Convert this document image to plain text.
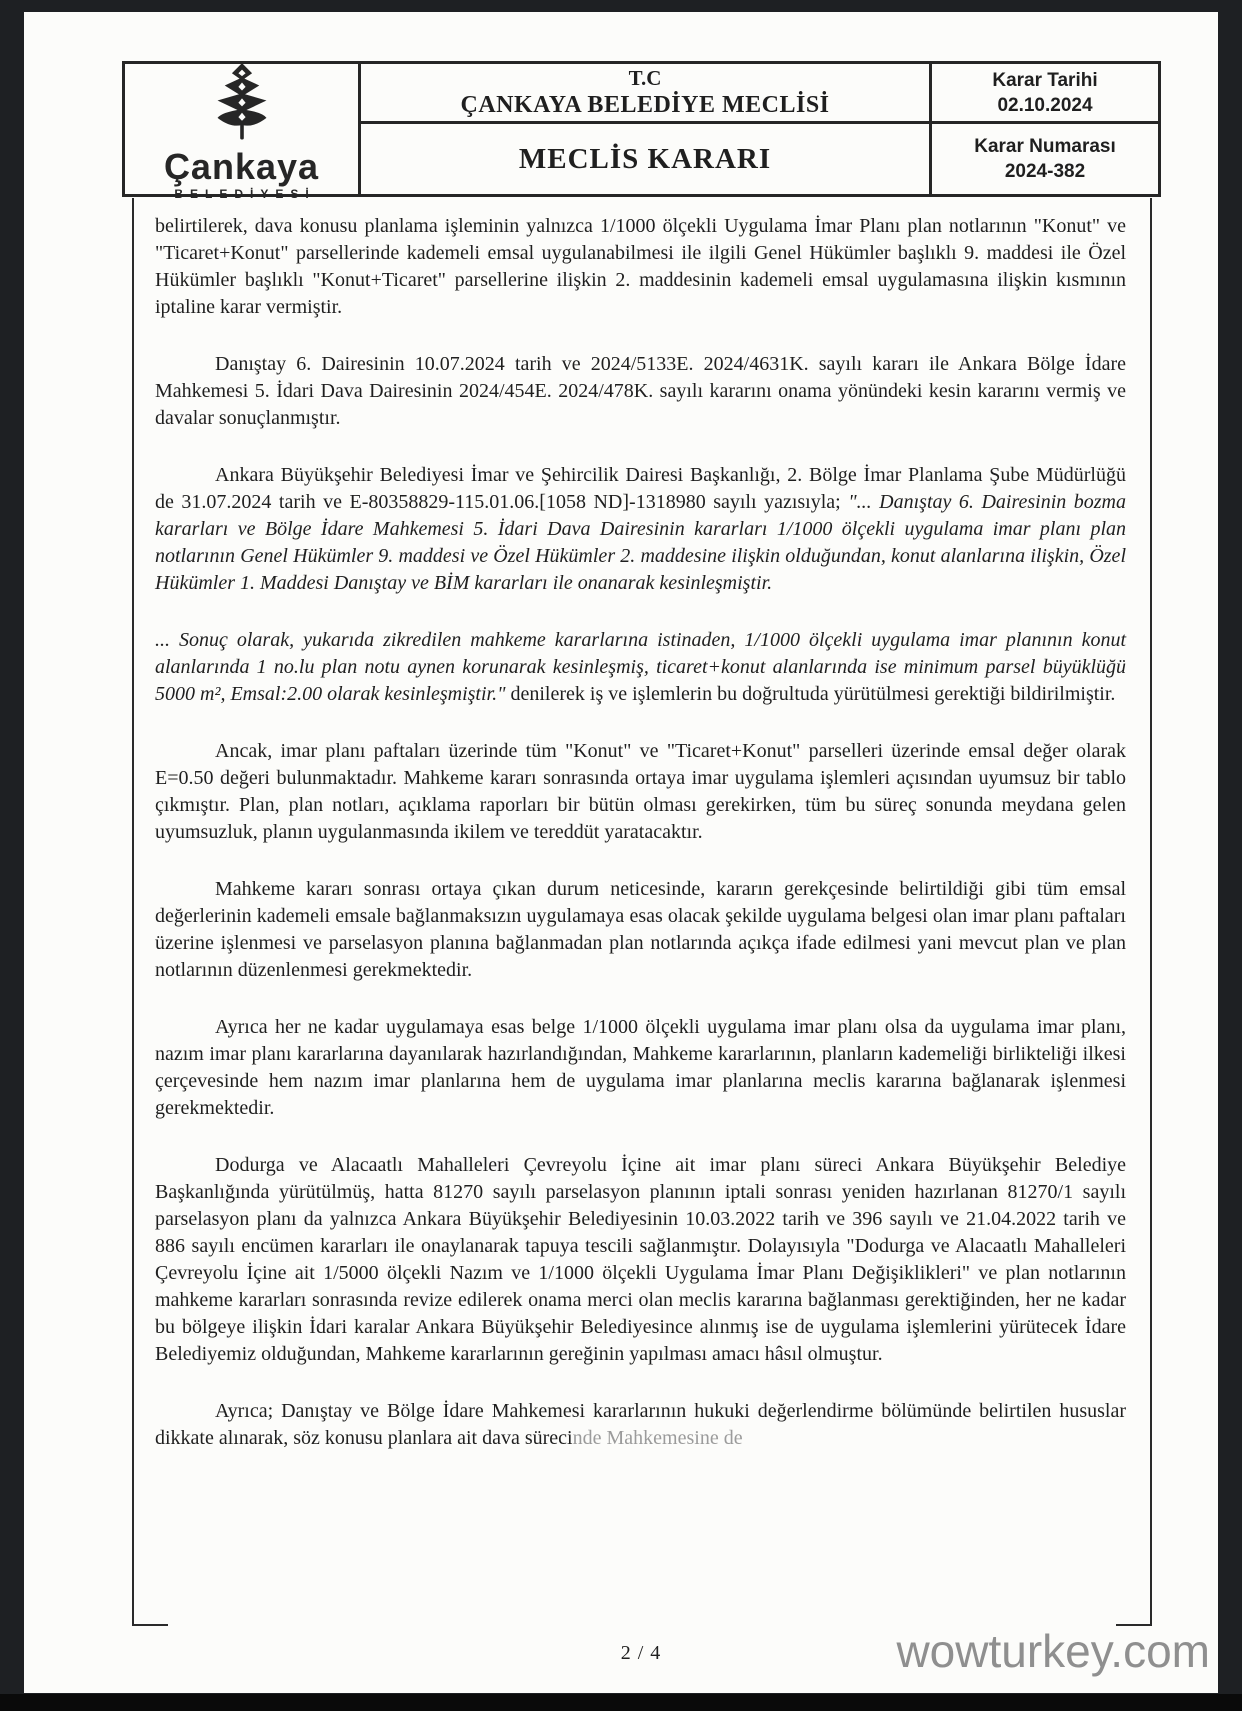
Çankaya
BELEDİYESİ
T.C
ÇANKAYA BELEDİYE MECLİSİ
Karar Tarihi
02.10.2024
MECLİS KARARI	Karar Numarası
2024-382

belirtilerek, dava konusu planlama işleminin yalnızca 1/1000 ölçekli Uygulama İmar Planı plan notlarının "Konut" ve "Ticaret+Konut" parsellerinde kademeli emsal uygulanabilmesi ile ilgili Genel Hükümler başlıklı 9. maddesi ile Özel Hükümler başlıklı "Konut+Ticaret" parsellerine ilişkin 2. maddesinin kademeli emsal uygulamasına ilişkin kısmının iptaline karar vermiştir.

Danıştay 6. Dairesinin 10.07.2024 tarih ve 2024/5133E. 2024/4631K. sayılı kararı ile Ankara Bölge İdare Mahkemesi 5. İdari Dava Dairesinin 2024/454E. 2024/478K. sayılı kararını onama yönündeki kesin kararını vermiş ve davalar sonuçlanmıştır.

Ankara Büyükşehir Belediyesi İmar ve Şehircilik Dairesi Başkanlığı, 2. Bölge İmar Planlama Şube Müdürlüğü de 31.07.2024 tarih ve E-80358829-115.01.06.[1058 ND]-1318980 sayılı yazısıyla; "... Danıştay 6. Dairesinin bozma kararları ve Bölge İdare Mahkemesi 5. İdari Dava Dairesinin kararları 1/1000 ölçekli uygulama imar planı plan notlarının Genel Hükümler 9. maddesi ve Özel Hükümler 2. maddesine ilişkin olduğundan, konut alanlarına ilişkin, Özel Hükümler 1. Maddesi Danıştay ve BİM kararları ile onanarak kesinleşmiştir.

... Sonuç olarak, yukarıda zikredilen mahkeme kararlarına istinaden, 1/1000 ölçekli uygulama imar planının konut alanlarında 1 no.lu plan notu aynen korunarak kesinleşmiş, ticaret+konut alanlarında ise minimum parsel büyüklüğü 5000 m², Emsal:2.00 olarak kesinleşmiştir." denilerek iş ve işlemlerin bu doğrultuda yürütülmesi gerektiği bildirilmiştir.

Ancak, imar planı paftaları üzerinde tüm "Konut" ve "Ticaret+Konut" parselleri üzerinde emsal değer olarak E=0.50 değeri bulunmaktadır. Mahkeme kararı sonrasında ortaya imar uygulama işlemleri açısından uyumsuz bir tablo çıkmıştır. Plan, plan notları, açıklama raporları bir bütün olması gerekirken, tüm bu süreç sonunda meydana gelen uyumsuzluk, planın uygulanmasında ikilem ve tereddüt yaratacaktır.

Mahkeme kararı sonrası ortaya çıkan durum neticesinde, kararın gerekçesinde belirtildiği gibi tüm emsal değerlerinin kademeli emsale bağlanmaksızın uygulamaya esas olacak şekilde uygulama belgesi olan imar planı paftaları üzerine işlenmesi ve parselasyon planına bağlanmadan plan notlarında açıkça ifade edilmesi yani mevcut plan ve plan notlarının düzenlenmesi gerekmektedir.

Ayrıca her ne kadar uygulamaya esas belge 1/1000 ölçekli uygulama imar planı olsa da uygulama imar planı, nazım imar planı kararlarına dayanılarak hazırlandığından, Mahkeme kararlarının, planların kademeliği birlikteliği ilkesi çerçevesinde hem nazım imar planlarına hem de uygulama imar planlarına meclis kararına bağlanarak işlenmesi gerekmektedir.

Dodurga ve Alacaatlı Mahalleleri Çevreyolu İçine ait imar planı süreci Ankara Büyükşehir Belediye Başkanlığında yürütülmüş, hatta 81270 sayılı parselasyon planının iptali sonrası yeniden hazırlanan 81270/1 sayılı parselasyon planı da yalnızca Ankara Büyükşehir Belediyesinin 10.03.2022 tarih ve 396 sayılı ve 21.04.2022 tarih ve 886 sayılı encümen kararları ile onaylanarak tapuya tescili sağlanmıştır. Dolayısıyla "Dodurga ve Alacaatlı Mahalleleri Çevreyolu İçine ait 1/5000 ölçekli Nazım ve 1/1000 ölçekli Uygulama İmar Planı Değişiklikleri" ve plan notlarının mahkeme kararları sonrasında revize edilerek onama merci olan meclis kararına bağlanması gerektiğinden, her ne kadar bu bölgeye ilişkin İdari karalar Ankara Büyükşehir Belediyesince alınmış ise de uygulama işlemlerini yürütecek İdare Belediyemiz olduğundan, Mahkeme kararlarının gereğinin yapılması amacı hâsıl olmuştur.

Ayrıca; Danıştay ve Bölge İdare Mahkemesi kararlarının hukuki değerlendirme bölümünde belirtilen hususlar dikkate alınarak, söz konusu planlara ait dava sürecinde Mahkemesine de

2 / 4	wowturkey.com
